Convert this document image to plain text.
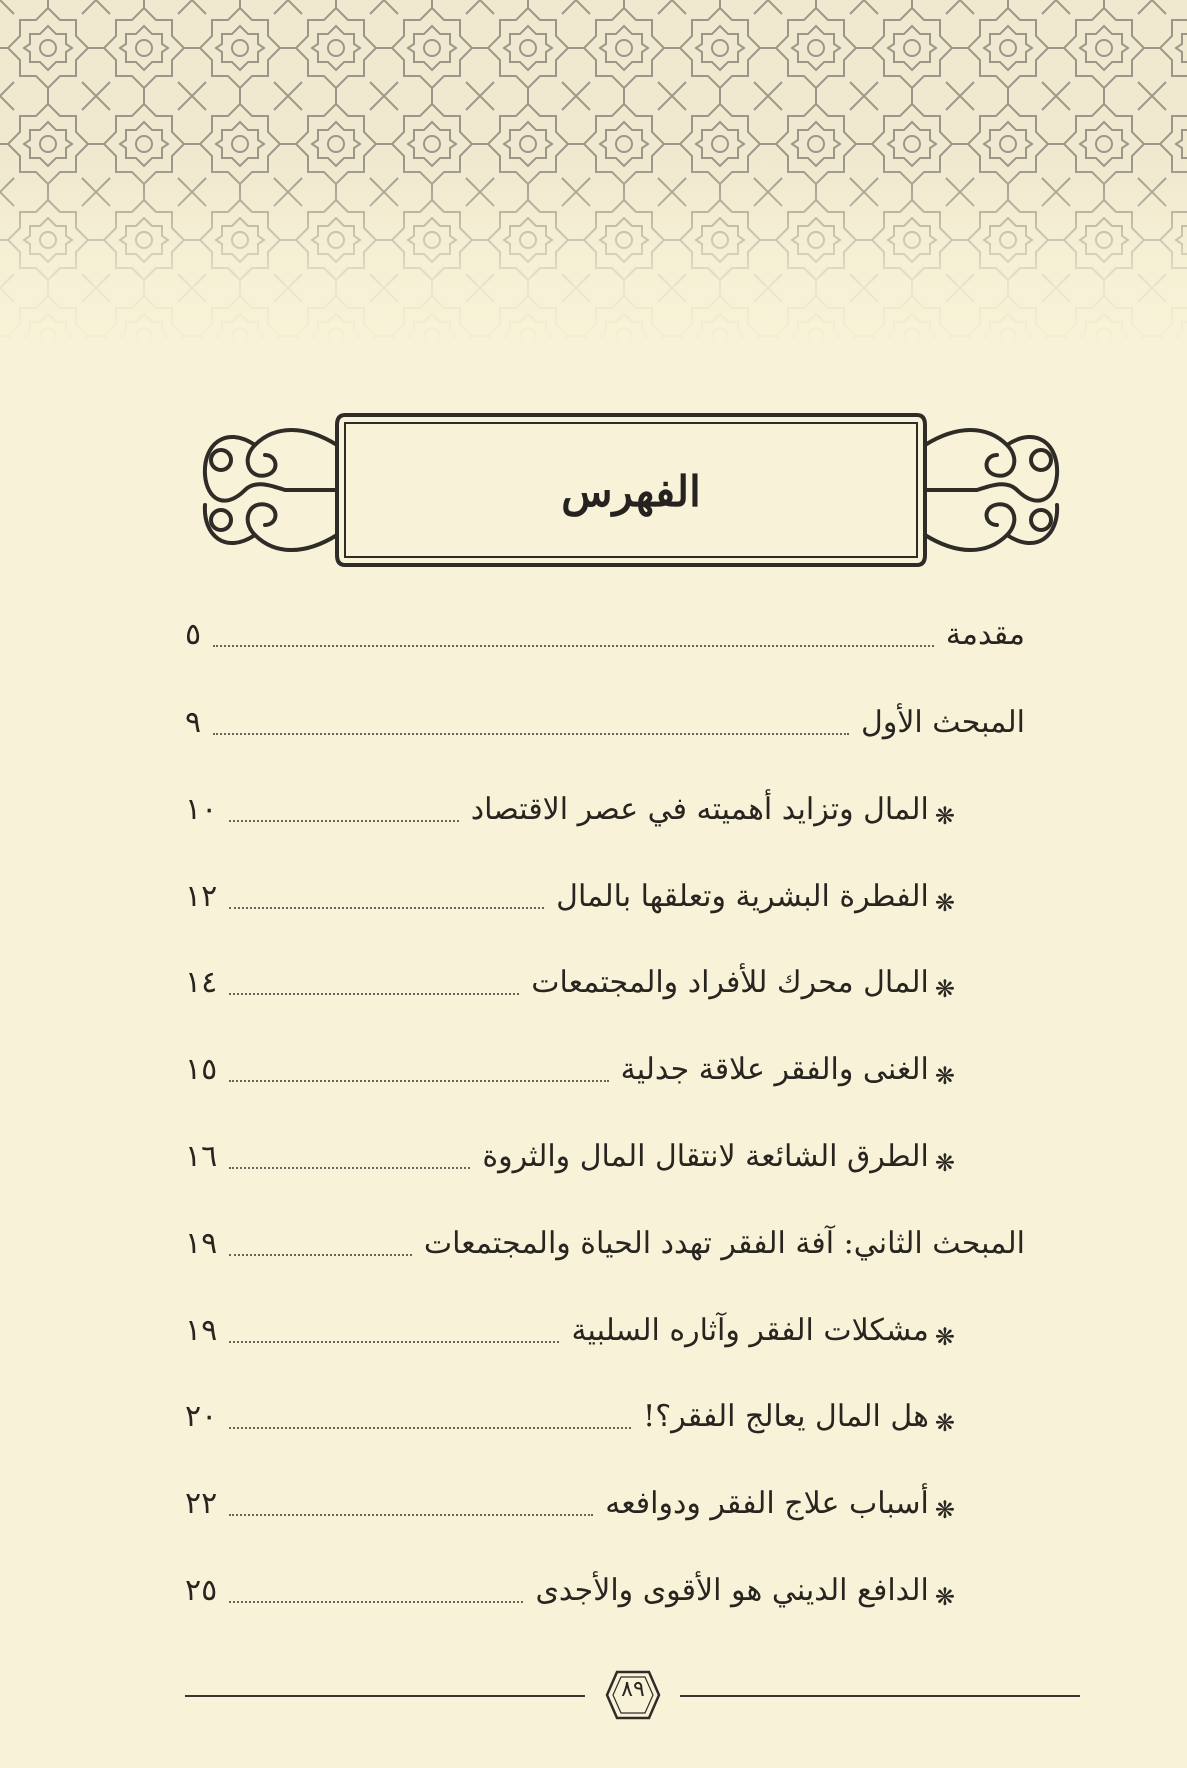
الفهرس
مقدمة
٥
المبحث الأول
٩
❋
المال وتزايد أهميته في عصر الاقتصاد
١٠
❋
الفطرة البشرية وتعلقها بالمال
١٢
❋
المال محرك للأفراد والمجتمعات
١٤
❋
الغنى والفقر علاقة جدلية
١٥
❋
الطرق الشائعة لانتقال المال والثروة
١٦
المبحث الثاني: آفة الفقر تهدد الحياة والمجتمعات
١٩
❋
مشكلات الفقر وآثاره السلبية
١٩
❋
هل المال يعالج الفقر؟!
٢٠
❋
أسباب علاج الفقر ودوافعه
٢٢
❋
الدافع الديني هو الأقوى والأجدى
٢٥
٨٩
